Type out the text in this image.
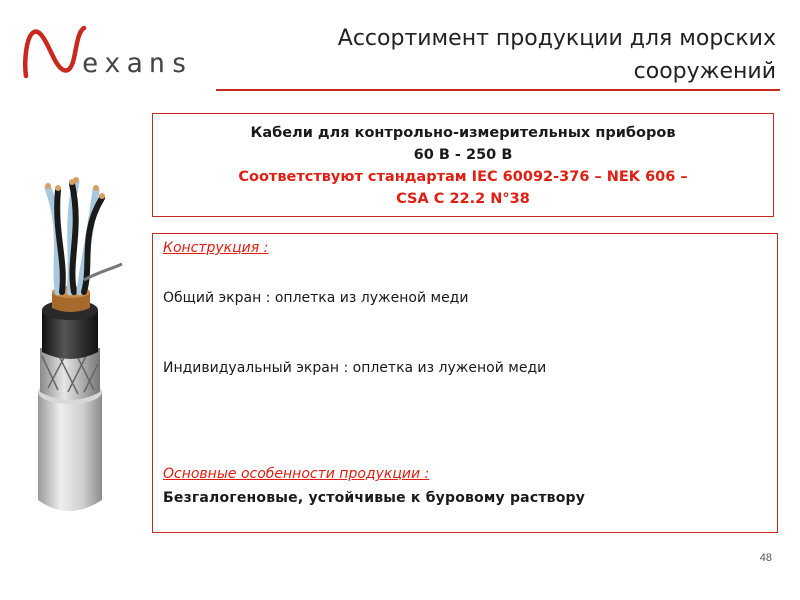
exans
Ассортимент продукции для морских
сооружений
Кабели для контрольно-измерительных приборов
60 В - 250 В
Соответствуют стандартам IEC 60092-376 – NEK 606 –
CSA C 22.2 N°38
Конструкция :
Общий экран : оплетка из луженой меди
Индивидуальный экран : оплетка из луженой меди
Основные особенности продукции :
Безгалогеновые, устойчивые к буровому раствору
48
